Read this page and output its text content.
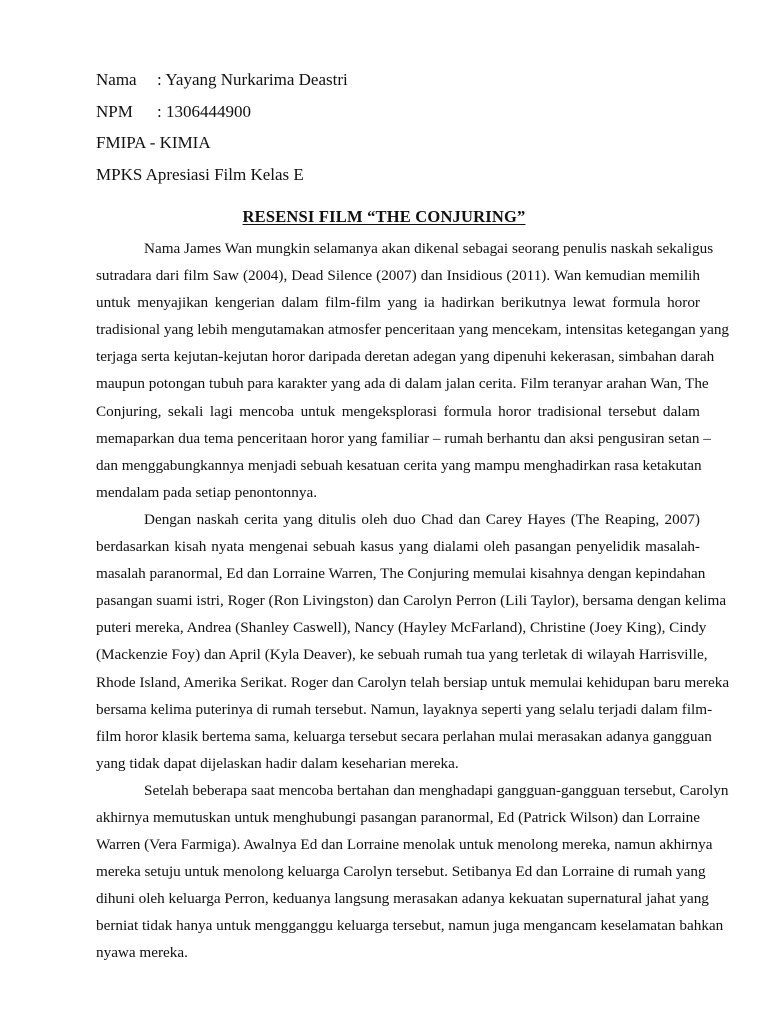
Nama : Yayang Nurkarima Deastri
NPM : 1306444900
FMIPA - KIMIA
MPKS Apresiasi Film Kelas E
RESENSI FILM “THE CONJURING”
Nama James Wan mungkin selamanya akan dikenal sebagai seorang penulis naskah sekaligus
sutradara dari film Saw (2004), Dead Silence (2007) dan Insidious (2011). Wan kemudian memilih
untuk menyajikan kengerian dalam film-film yang ia hadirkan berikutnya lewat formula horor
tradisional yang lebih mengutamakan atmosfer penceritaan yang mencekam, intensitas ketegangan yang
terjaga serta kejutan-kejutan horor daripada deretan adegan yang dipenuhi kekerasan, simbahan darah
maupun potongan tubuh para karakter yang ada di dalam jalan cerita. Film teranyar arahan Wan, The
Conjuring, sekali lagi mencoba untuk mengeksplorasi formula horor tradisional tersebut dalam
memaparkan dua tema penceritaan horor yang familiar – rumah berhantu dan aksi pengusiran setan –
dan menggabungkannya menjadi sebuah kesatuan cerita yang mampu menghadirkan rasa ketakutan
mendalam pada setiap penontonnya.
Dengan naskah cerita yang ditulis oleh duo Chad dan Carey Hayes (The Reaping, 2007)
berdasarkan kisah nyata mengenai sebuah kasus yang dialami oleh pasangan penyelidik masalah-
masalah paranormal, Ed dan Lorraine Warren, The Conjuring memulai kisahnya dengan kepindahan
pasangan suami istri, Roger (Ron Livingston) dan Carolyn Perron (Lili Taylor), bersama dengan kelima
puteri mereka, Andrea (Shanley Caswell), Nancy (Hayley McFarland), Christine (Joey King), Cindy
(Mackenzie Foy) dan April (Kyla Deaver), ke sebuah rumah tua yang terletak di wilayah Harrisville,
Rhode Island, Amerika Serikat. Roger dan Carolyn telah bersiap untuk memulai kehidupan baru mereka
bersama kelima puterinya di rumah tersebut. Namun, layaknya seperti yang selalu terjadi dalam film-
film horor klasik bertema sama, keluarga tersebut secara perlahan mulai merasakan adanya gangguan
yang tidak dapat dijelaskan hadir dalam keseharian mereka.
Setelah beberapa saat mencoba bertahan dan menghadapi gangguan-gangguan tersebut, Carolyn
akhirnya memutuskan untuk menghubungi pasangan paranormal, Ed (Patrick Wilson) dan Lorraine
Warren (Vera Farmiga). Awalnya Ed dan Lorraine menolak untuk menolong mereka, namun akhirnya
mereka setuju untuk menolong keluarga Carolyn tersebut. Setibanya Ed dan Lorraine di rumah yang
dihuni oleh keluarga Perron, keduanya langsung merasakan adanya kekuatan supernatural jahat yang
berniat tidak hanya untuk mengganggu keluarga tersebut, namun juga mengancam keselamatan bahkan
nyawa mereka.
